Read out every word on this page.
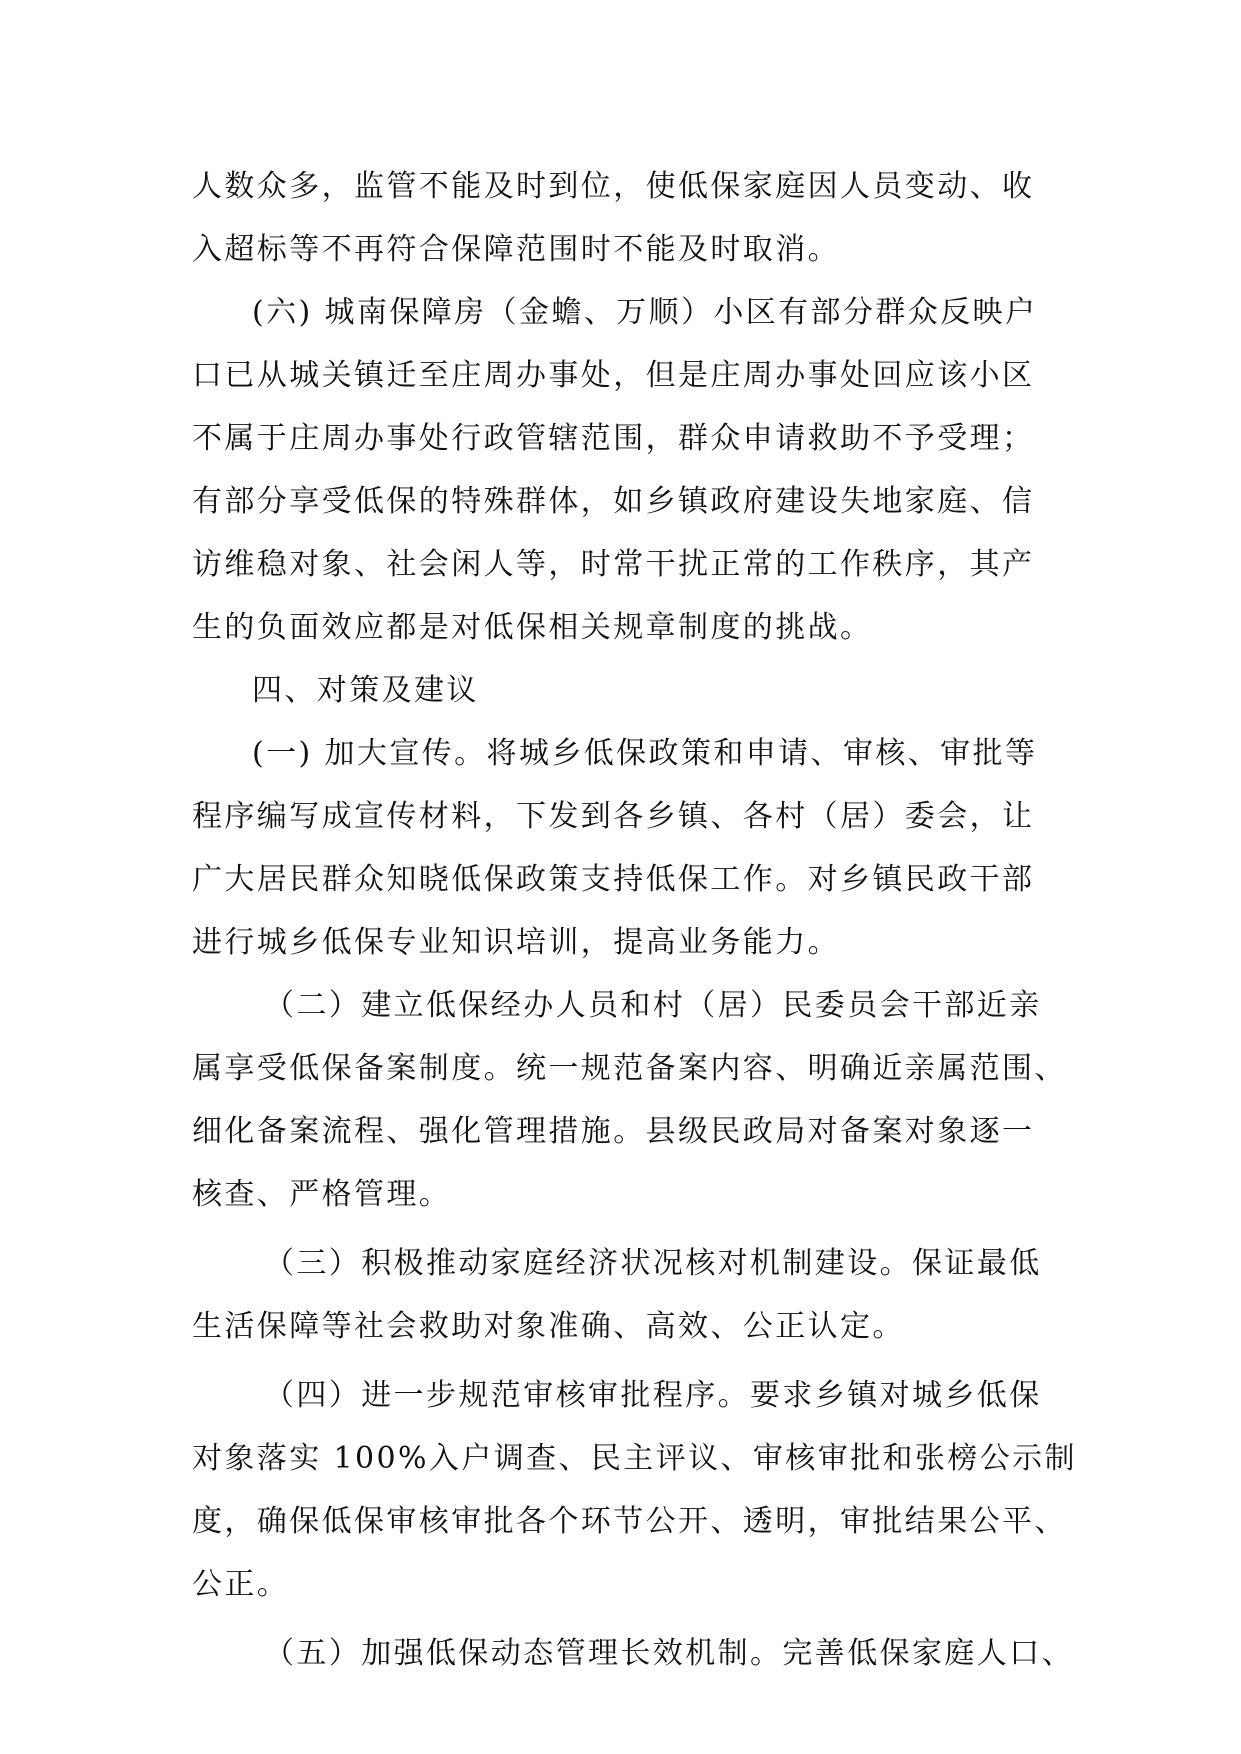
人数众多，监管不能及时到位，使低保家庭因人员变动、收
入超标等不再符合保障范围时不能及时取消。
(六) 城南保障房（金蟾、万顺）小区有部分群众反映户
口已从城关镇迁至庄周办事处，但是庄周办事处回应该小区
不属于庄周办事处行政管辖范围，群众申请救助不予受理；
有部分享受低保的特殊群体，如乡镇政府建设失地家庭、信
访维稳对象、社会闲人等，时常干扰正常的工作秩序，其产
生的负面效应都是对低保相关规章制度的挑战。
四、对策及建议
(一) 加大宣传。将城乡低保政策和申请、审核、审批等
程序编写成宣传材料，下发到各乡镇、各村（居）委会，让
广大居民群众知晓低保政策支持低保工作。对乡镇民政干部
进行城乡低保专业知识培训，提高业务能力。
（二）建立低保经办人员和村（居）民委员会干部近亲
属享受低保备案制度。统一规范备案内容、明确近亲属范围、
细化备案流程、强化管理措施。县级民政局对备案对象逐一
核查、严格管理。
（三）积极推动家庭经济状况核对机制建设。保证最低
生活保障等社会救助对象准确、高效、公正认定。
（四）进一步规范审核审批程序。要求乡镇对城乡低保
对象落实 100%入户调查、民主评议、审核审批和张榜公示制
度，确保低保审核审批各个环节公开、透明，审批结果公平、
公正。
（五）加强低保动态管理长效机制。完善低保家庭人口、
